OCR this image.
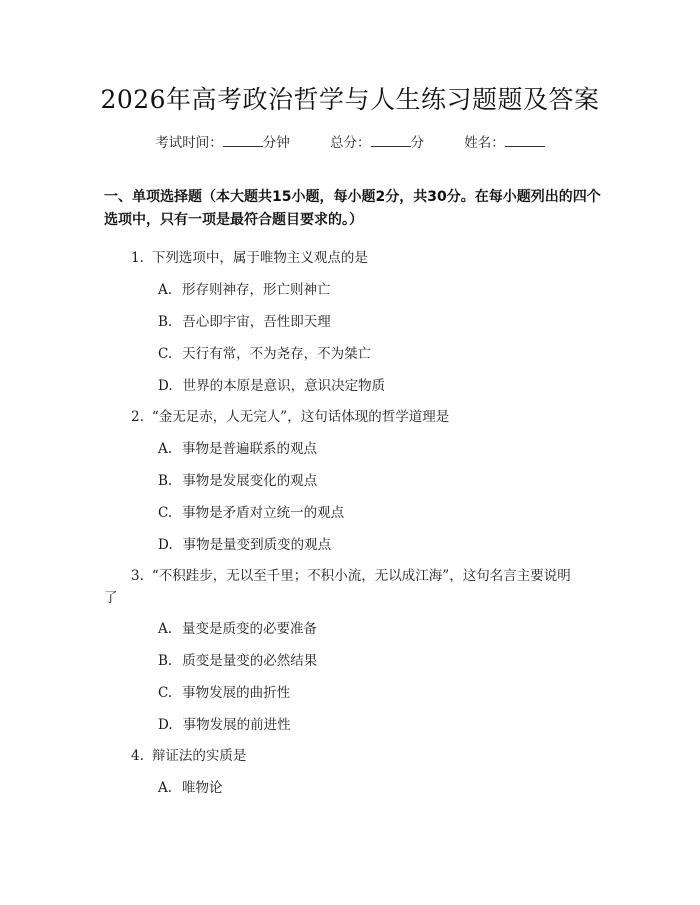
2026年高考政治哲学与人生练习题题及答案
考试时间：	分钟	总分：	分	姓名：
一、单项选择题（本大题共15小题，每小题2分，共30分。在每小题列出的四个选项中，只有一项是最符合题目要求的。）
1. 下列选项中，属于唯物主义观点的是
A. 形存则神存，形亡则神亡
B. 吾心即宇宙，吾性即天理
C. 天行有常，不为尧存，不为桀亡
D. 世界的本原是意识，意识决定物质
2. “金无足赤，人无完人”，这句话体现的哲学道理是
A. 事物是普遍联系的观点
B. 事物是发展变化的观点
C. 事物是矛盾对立统一的观点
D. 事物是量变到质变的观点
3. “不积跬步，无以至千里；不积小流，无以成江海”，这句名言主要说明
了
A. 量变是质变的必要准备
B. 质变是量变的必然结果
C. 事物发展的曲折性
D. 事物发展的前进性
4. 辩证法的实质是
A. 唯物论
